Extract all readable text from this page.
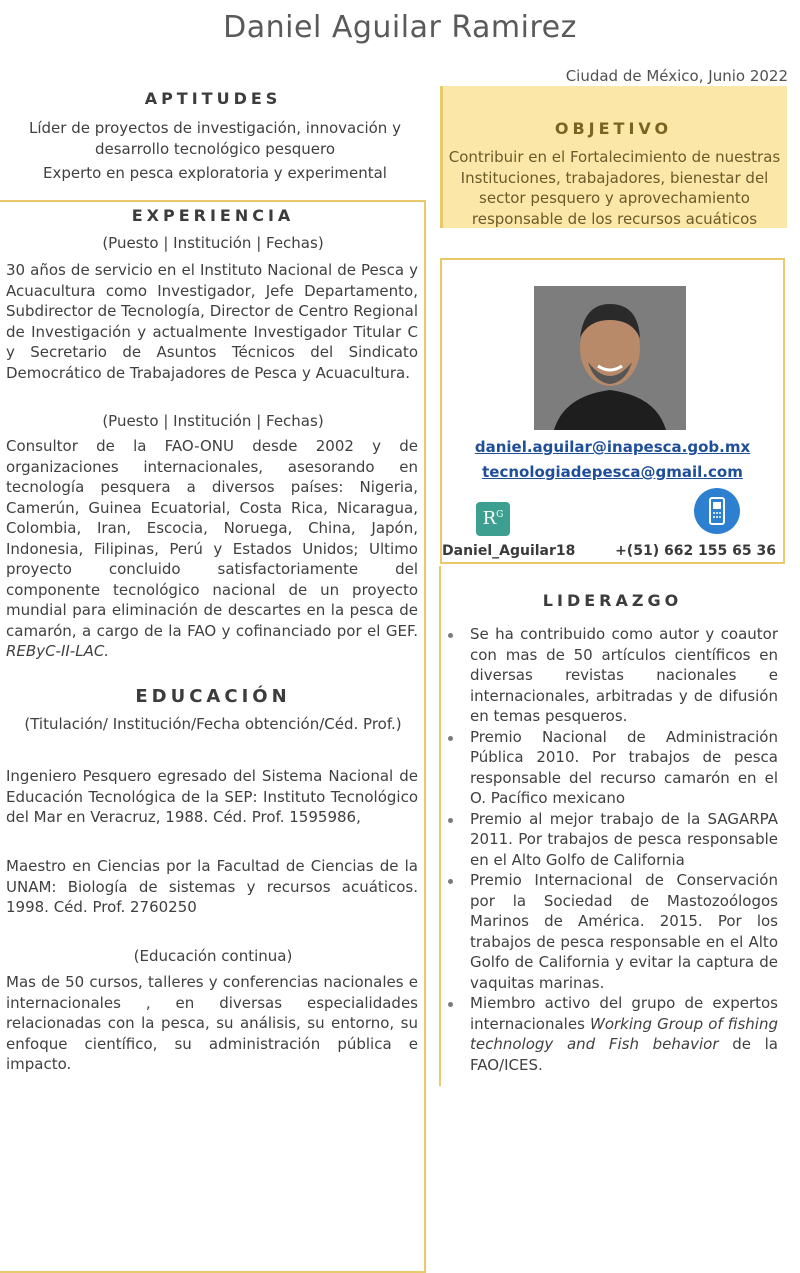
Daniel Aguilar Ramirez
Ciudad de México, Junio 2022
APTITUDES
Líder de proyectos de investigación, innovación y desarrollo tecnológico pesquero
Experto en pesca exploratoria y experimental
EXPERIENCIA
(Puesto | Institución | Fechas)
30 años de servicio en el Instituto Nacional de Pesca y Acuacultura como Investigador, Jefe Departamento, Subdirector de Tecnología, Director de Centro Regional de Investigación y actualmente Investigador Titular C y Secretario de Asuntos Técnicos del Sindicato Democrático de Trabajadores de Pesca y Acuacultura.
(Puesto | Institución | Fechas)
Consultor de la FAO-ONU desde 2002 y de organizaciones internacionales, asesorando en tecnología pesquera a diversos países: Nigeria, Camerún, Guinea Ecuatorial, Costa Rica, Nicaragua, Colombia, Iran, Escocia, Noruega, China, Japón, Indonesia, Filipinas, Perú y Estados Unidos; Ultimo proyecto concluido satisfactoriamente del componente tecnológico nacional de un proyecto mundial para eliminación de descartes en la pesca de camarón, a cargo de la FAO y cofinanciado por el GEF. REByC-II-LAC.
EDUCACIÓN
(Titulación/ Institución/Fecha obtención/Céd. Prof.)
Ingeniero Pesquero egresado del Sistema Nacional de Educación Tecnológica de la SEP: Instituto Tecnológico del Mar en Veracruz, 1988. Céd. Prof. 1595986,
Maestro en Ciencias por la Facultad de Ciencias de la UNAM: Biología de sistemas y recursos acuáticos. 1998. Céd. Prof. 2760250
(Educación continua)
Mas de 50 cursos, talleres y conferencias nacionales e internacionales , en diversas especialidades relacionadas con la pesca, su análisis, su entorno, su enfoque científico, su administración pública e impacto.
OBJETIVO
Contribuir en el Fortalecimiento de nuestras Instituciones, trabajadores, bienestar del sector pesquero y aprovechamiento responsable de los recursos acuáticos
daniel.aguilar@inapesca.gob.mx
tecnologiadepesca@gmail.com
$R^G$
Daniel_Aguilar18	+(51) 662 155 65 36
LIDERAZGO
Se ha contribuido como autor y coautor con mas de 50 artículos científicos en diversas revistas nacionales e internacionales, arbitradas y de difusión en temas pesqueros.
Premio Nacional de Administración Pública 2010. Por trabajos de pesca responsable del recurso camarón en el O. Pacífico mexicano
Premio al mejor trabajo de la SAGARPA 2011. Por trabajos de pesca responsable en el Alto Golfo de California
Premio Internacional de Conservación por la Sociedad de Mastozoólogos Marinos de América. 2015. Por los trabajos de pesca responsable en el Alto Golfo de California y evitar la captura de vaquitas marinas.
Miembro activo del grupo de expertos internacionales Working Group of fishing technology and Fish behavior de la FAO/ICES.
